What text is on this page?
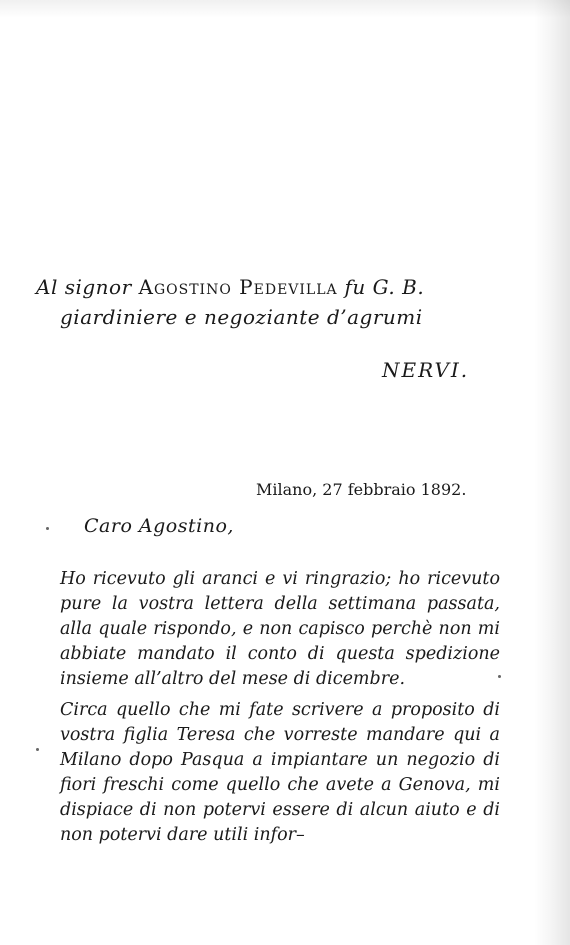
Al signor Agostino Pedevilla fu G. B.
giardiniere e negoziante d’agrumi
NERVI.
Milano, 27 febbraio 1892.
Caro Agostino,

Ho ricevuto gli aranci e vi ringrazio; ho ricevuto pure la vostra lettera della settimana passata, alla quale rispondo, e non capisco perchè non mi abbiate mandato il conto di questa spedizione insieme all’altro del mese di dicembre.

Circa quello che mi fate scrivere a proposito di vostra figlia Teresa che vorreste mandare qui a Milano dopo Pasqua a impiantare un negozio di fiori freschi come quello che avete a Genova, mi dispiace di non potervi essere di alcun aiuto e di non potervi dare utili infor–
